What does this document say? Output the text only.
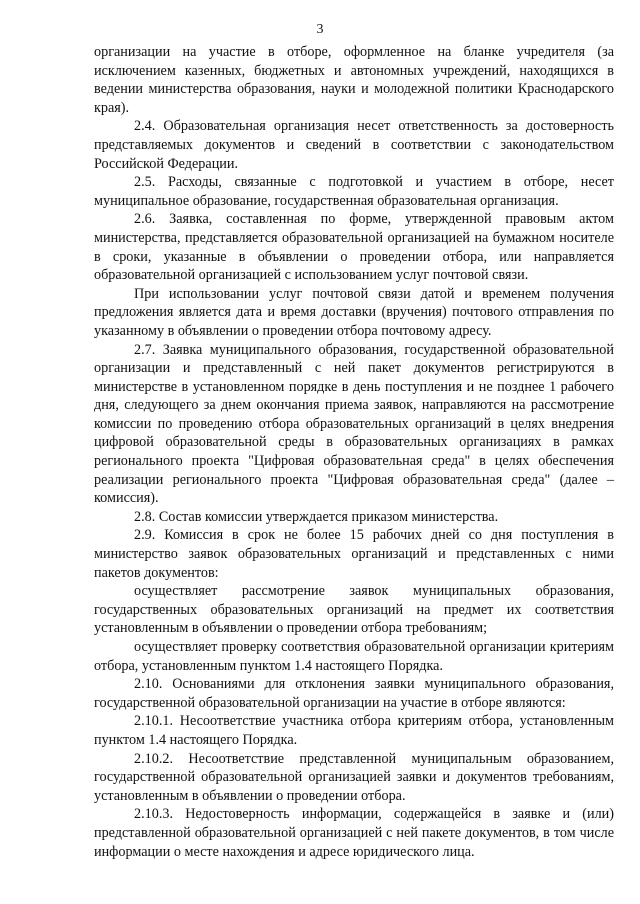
3

организации на участие в отборе, оформленное на бланке учредителя (за исключением казенных, бюджетных и автономных учреждений, находящихся в ведении министерства образования, науки и молодежной политики Краснодарского края).

2.4. Образовательная организация несет ответственность за достоверность представляемых документов и сведений в соответствии с законодательством Российской Федерации.

2.5. Расходы, связанные с подготовкой и участием в отборе, несет муниципальное образование, государственная образовательная организация.

2.6. Заявка, составленная по форме, утвержденной правовым актом министерства, представляется образовательной организацией на бумажном носителе в сроки, указанные в объявлении о проведении отбора, или направляется образовательной организацией с использованием услуг почтовой связи.

При использовании услуг почтовой связи датой и временем получения предложения является дата и время доставки (вручения) почтового отправления по указанному в объявлении о проведении отбора почтовому адресу.

2.7. Заявка муниципального образования, государственной образовательной организации и представленный с ней пакет документов регистрируются в министерстве в установленном порядке в день поступления и не позднее 1 рабочего дня, следующего за днем окончания приема заявок, направляются на рассмотрение комиссии по проведению отбора образовательных организаций в целях внедрения цифровой образовательной среды в образовательных организациях в рамках регионального проекта "Цифровая образовательная среда" в целях обеспечения реализации регионального проекта "Цифровая образовательная среда" (далее – комиссия).

2.8. Состав комиссии утверждается приказом министерства.

2.9. Комиссия в срок не более 15 рабочих дней со дня поступления в министерство заявок образовательных организаций и представленных с ними пакетов документов:

осуществляет рассмотрение заявок муниципальных образования, государственных образовательных организаций на предмет их соответствия установленным в объявлении о проведении отбора требованиям;

осуществляет проверку соответствия образовательной организации критериям отбора, установленным пунктом 1.4 настоящего Порядка.

2.10. Основаниями для отклонения заявки муниципального образования, государственной образовательной организации на участие в отборе являются:

2.10.1. Несоответствие участника отбора критериям отбора, установленным пунктом 1.4 настоящего Порядка.

2.10.2. Несоответствие представленной муниципальным образованием, государственной образовательной организацией заявки и документов требованиям, установленным в объявлении о проведении отбора.

2.10.3. Недостоверность информации, содержащейся в заявке и (или) представленной образовательной организацией с ней пакете документов, в том числе информации о месте нахождения и адресе юридического лица.
